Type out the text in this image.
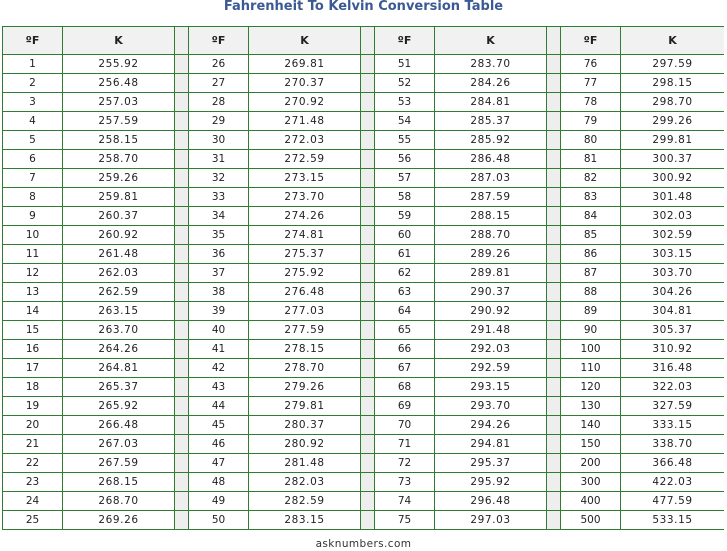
Fahrenheit To Kelvin Conversion Table
ºF	K		ºF	K		ºF	K		ºF	K
1	255.92		26	269.81		51	283.70		76	297.59
2	256.48		27	270.37		52	284.26		77	298.15
3	257.03		28	270.92		53	284.81		78	298.70
4	257.59		29	271.48		54	285.37		79	299.26
5	258.15		30	272.03		55	285.92		80	299.81
6	258.70		31	272.59		56	286.48		81	300.37
7	259.26		32	273.15		57	287.03		82	300.92
8	259.81		33	273.70		58	287.59		83	301.48
9	260.37		34	274.26		59	288.15		84	302.03
10	260.92		35	274.81		60	288.70		85	302.59
11	261.48		36	275.37		61	289.26		86	303.15
12	262.03		37	275.92		62	289.81		87	303.70
13	262.59		38	276.48		63	290.37		88	304.26
14	263.15		39	277.03		64	290.92		89	304.81
15	263.70		40	277.59		65	291.48		90	305.37
16	264.26		41	278.15		66	292.03		100	310.92
17	264.81		42	278.70		67	292.59		110	316.48
18	265.37		43	279.26		68	293.15		120	322.03
19	265.92		44	279.81		69	293.70		130	327.59
20	266.48		45	280.37		70	294.26		140	333.15
21	267.03		46	280.92		71	294.81		150	338.70
22	267.59		47	281.48		72	295.37		200	366.48
23	268.15		48	282.03		73	295.92		300	422.03
24	268.70		49	282.59		74	296.48		400	477.59
25	269.26		50	283.15		75	297.03		500	533.15
asknumbers.com
